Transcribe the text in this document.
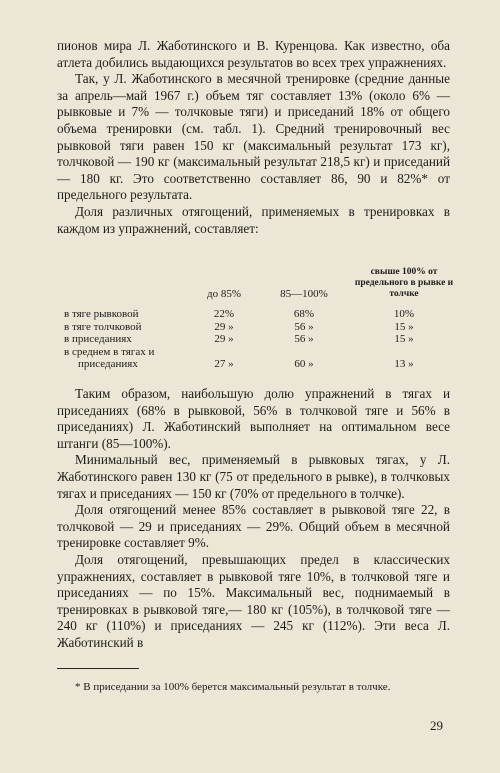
пионов мира Л. Жаботинского и В. Куренцова. Как известно, оба атлета добились выдающихся результатов во всех трех упражнениях.

Так, у Л. Жаботинского в месячной тренировке (средние данные за апрель—май 1967 г.) объем тяг составляет 13% (около 6% — рывковые и 7% — толчковые тяги) и приседаний 18% от общего объема тренировки (см. табл. 1). Средний тренировочный вес рывковой тяги равен 150 кг (максимальный результат 173 кг), толчковой — 190 кг (максимальный результат 218,5 кг) и приседаний — 180 кг. Это соответственно составляет 86, 90 и 82%* от предельного результата.

Доля различных отягощений, применяемых в тренировках в каждом из упражнений, составляет:

	до 85%	85—100%	свыше 100% от предельного в рывке и толчке
в тяге рывковой	22%	68%	10%
в тяге толчковой	29 »	56 »	15 »
в приседаниях	29 »	56 »	15 »
в среднем в тягах и			
приседаниях	27 »	60 »	13 »

Таким образом, наибольшую долю упражнений в тягах и приседаниях (68% в рывковой, 56% в толчковой тяге и 56% в приседаниях) Л. Жаботинский выполняет на оптимальном весе штанги (85—100%).

Минимальный вес, применяемый в рывковых тягах, у Л. Жаботинского равен 130 кг (75 от предельного в рывке), в толчковых тягах и приседаниях — 150 кг (70% от предельного в толчке).

Доля отягощений менее 85% составляет в рывковой тяге 22, в толчковой — 29 и приседаниях — 29%. Общий объем в месячной тренировке составляет 9%.

Доля отягощений, превышающих предел в классических упражнениях, составляет в рывковой тяге 10%, в толчковой тяге и приседаниях — по 15%. Максимальный вес, поднимаемый в тренировках в рывковой тяге,— 180 кг (105%), в толчковой тяге — 240 кг (110%) и приседаниях — 245 кг (112%). Эти веса Л. Жаботинский в

* В приседании за 100% берется максимальный результат в толчке.
29
